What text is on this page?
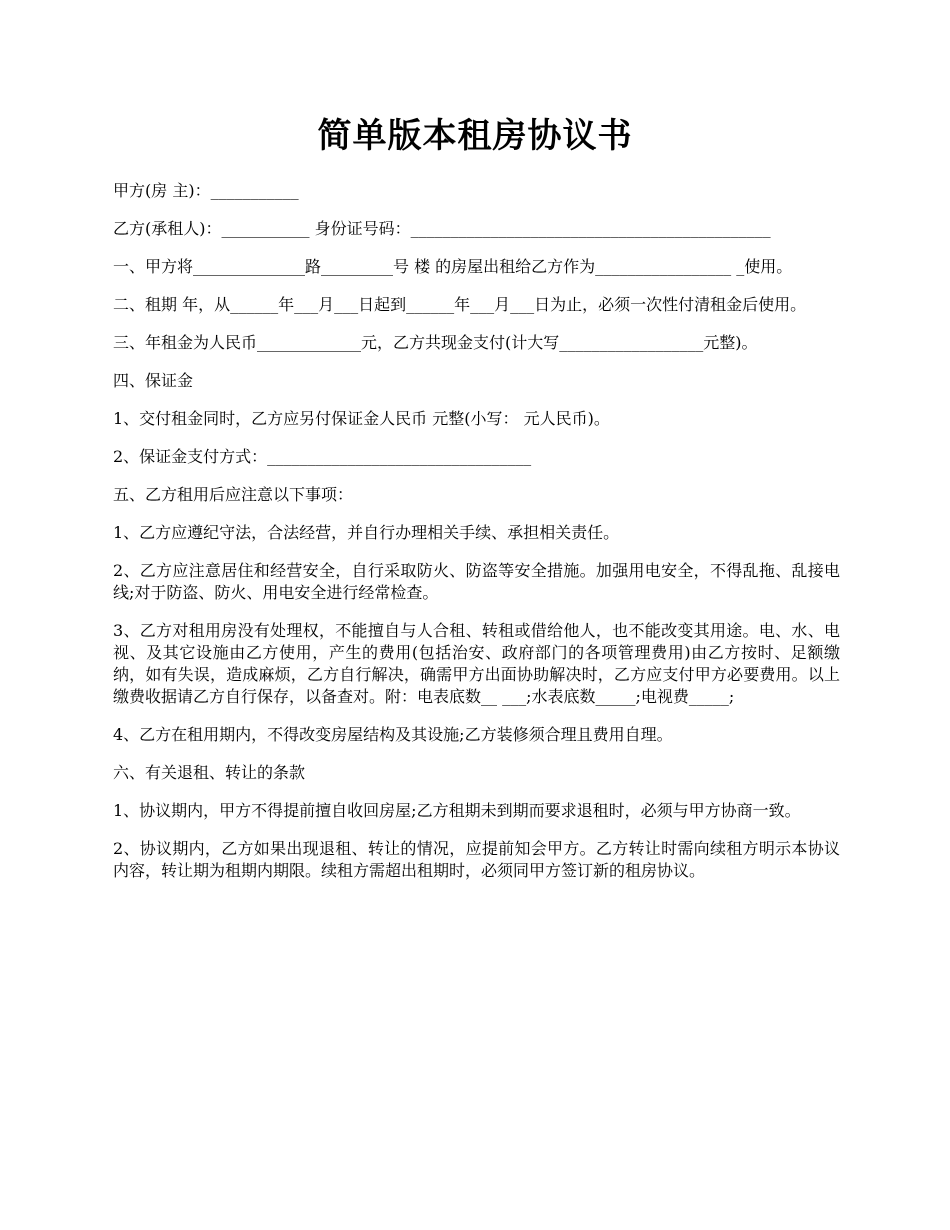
简单版本租房协议书

甲方(房 主)：___________

乙方(承租人)：___________ 身份证号码：_____________________________________________

一、甲方将______________路_________号 楼 的房屋出租给乙方作为_________________ _使用。

二、租期 年，从______年___月___日起到______年___月___日为止，必须一次性付清租金后使用。

三、年租金为人民币_____________元，乙方共现金支付(计大写__________________元整)。

四、保证金

1、交付租金同时，乙方应另付保证金人民币 元整(小写： 元人民币)。

2、保证金支付方式：_________________________________

五、乙方租用后应注意以下事项：

1、乙方应遵纪守法，合法经营，并自行办理相关手续、承担相关责任。

2、乙方应注意居住和经营安全，自行采取防火、防盗等安全措施。加强用电安全，不得乱拖、乱接电线;对于防盗、防火、用电安全进行经常检查。

3、乙方对租用房没有处理权，不能擅自与人合租、转租或借给他人，也不能改变其用途。电、水、电视、及其它设施由乙方使用，产生的费用(包括治安、政府部门的各项管理费用)由乙方按时、足额缴纳，如有失误，造成麻烦，乙方自行解决，确需甲方出面协助解决时，乙方应支付甲方必要费用。以上缴费收据请乙方自行保存，以备查对。附：电表底数__ ___;水表底数_____;电视费_____;

4、乙方在租用期内，不得改变房屋结构及其设施;乙方装修须合理且费用自理。

六、有关退租、转让的条款

1、协议期内，甲方不得提前擅自收回房屋;乙方租期未到期而要求退租时，必须与甲方协商一致。

2、协议期内，乙方如果出现退租、转让的情况，应提前知会甲方。乙方转让时需向续租方明示本协议内容，转让期为租期内期限。续租方需超出租期时，必须同甲方签订新的租房协议。
